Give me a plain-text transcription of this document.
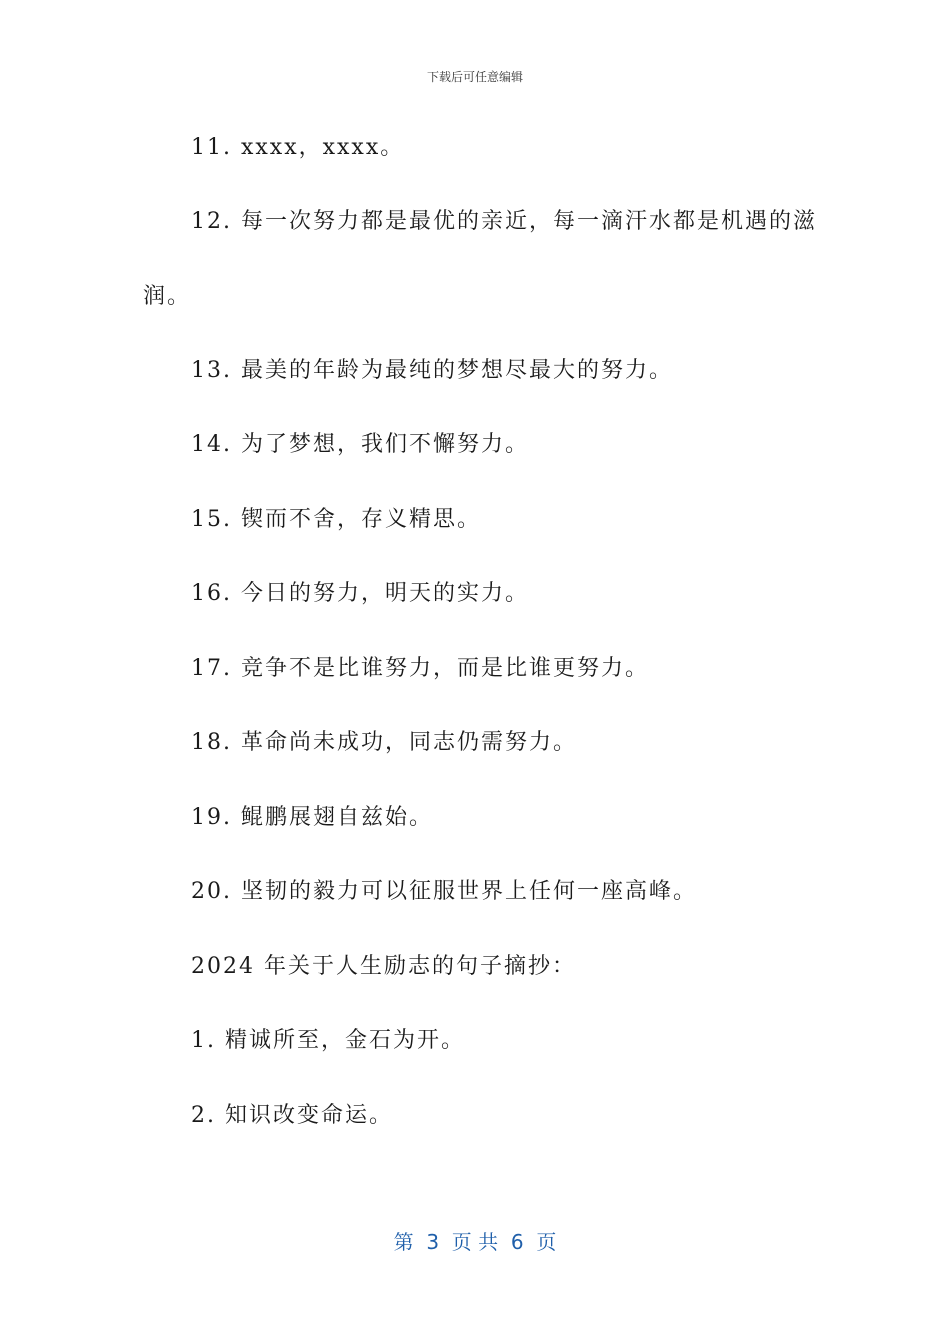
下载后可任意编辑
11. xxxx，xxxx。
12. 每一次努力都是最优的亲近，每一滴汗水都是机遇的滋
润。
13. 最美的年龄为最纯的梦想尽最大的努力。
14. 为了梦想，我们不懈努力。
15. 锲而不舍，存义精思。
16. 今日的努力，明天的实力。
17. 竞争不是比谁努力，而是比谁更努力。
18. 革命尚未成功，同志仍需努力。
19. 鲲鹏展翅自兹始。
20. 坚韧的毅力可以征服世界上任何一座高峰。
2024 年关于人生励志的句子摘抄：
1. 精诚所至，金石为开。
2. 知识改变命运。
第  3  页 共  6  页
